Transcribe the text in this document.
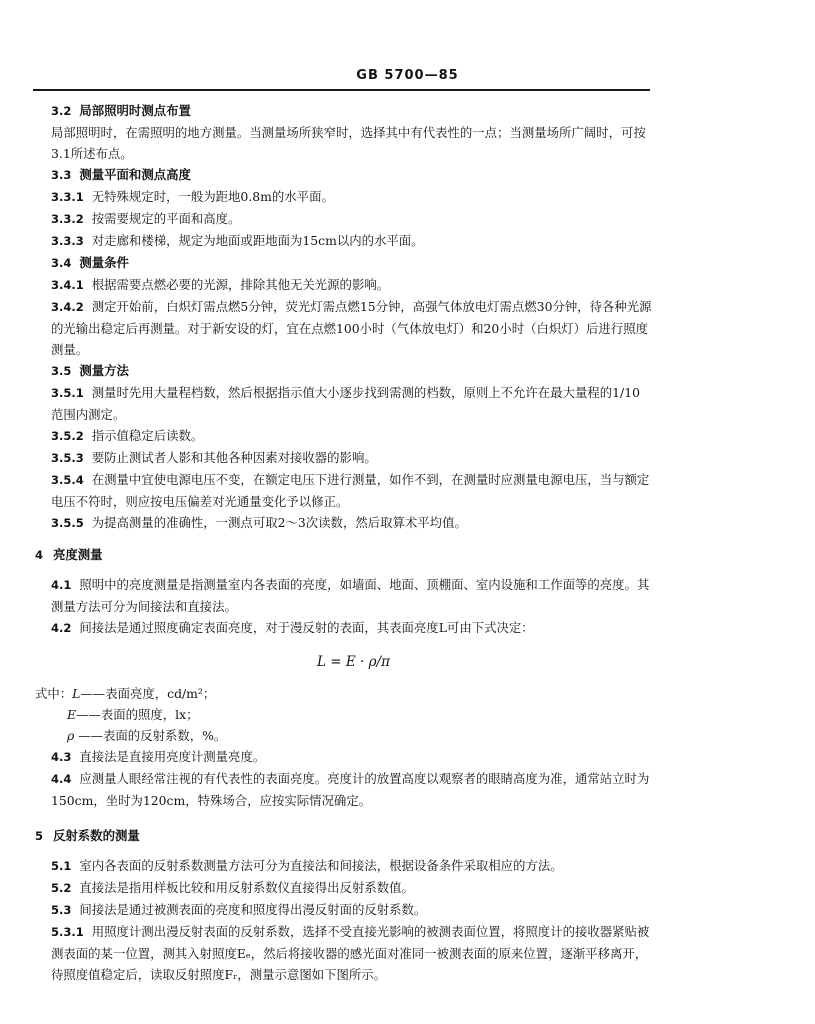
GB 5700—85

3.2 局部照明时测点布置

局部照明时，在需照明的地方测量。当测量场所狭窄时，选择其中有代表性的一点；当测量场所广阔时，可按3.1所述布点。

3.3 测量平面和测点高度

3.3.1 无特殊规定时，一般为距地0.8m的水平面。

3.3.2 按需要规定的平面和高度。

3.3.3 对走廊和楼梯，规定为地面或距地面为15cm以内的水平面。

3.4 测量条件

3.4.1 根据需要点燃必要的光源，排除其他无关光源的影响。

3.4.2 测定开始前，白炽灯需点燃5分钟，荧光灯需点燃15分钟，高强气体放电灯需点燃30分钟，待各种光源的光输出稳定后再测量。对于新安设的灯，宜在点燃100小时（气体放电灯）和20小时（白炽灯）后进行照度测量。

3.5 测量方法

3.5.1 测量时先用大量程档数，然后根据指示值大小逐步找到需测的档数，原则上不允许在最大量程的1/10范围内测定。

3.5.2 指示值稳定后读数。

3.5.3 要防止测试者人影和其他各种因素对接收器的影响。

3.5.4 在测量中宜使电源电压不变，在额定电压下进行测量，如作不到，在测量时应测量电源电压，当与额定电压不符时，则应按电压偏差对光通量变化予以修正。

3.5.5 为提高测量的准确性，一测点可取2～3次读数，然后取算术平均值。

4 亮度测量

4.1 照明中的亮度测量是指测量室内各表面的亮度，如墙面、地面、顶棚面、室内设施和工作面等的亮度。其测量方法可分为间接法和直接法。

4.2 间接法是通过照度确定表面亮度，对于漫反射的表面，其表面亮度L可由下式决定：

L = E · ρ/π
式中：L——表面亮度，cd/m²；
E——表面的照度，lx；
ρ ——表面的反射系数，%。

4.3 直接法是直接用亮度计测量亮度。

4.4 应测量人眼经常注视的有代表性的表面亮度。亮度计的放置高度以观察者的眼睛高度为准，通常站立时为150cm，坐时为120cm，特殊场合，应按实际情况确定。

5 反射系数的测量

5.1 室内各表面的反射系数测量方法可分为直接法和间接法，根据设备条件采取相应的方法。

5.2 直接法是指用样板比较和用反射系数仪直接得出反射系数值。

5.3 间接法是通过被测表面的亮度和照度得出漫反射面的反射系数。

5.3.1 用照度计测出漫反射表面的反射系数，选择不受直接光影响的被测表面位置，将照度计的接收器紧贴被测表面的某一位置，测其入射照度Eₑ，然后将接收器的感光面对准同一被测表面的原来位置，逐渐平移离开，待照度值稳定后，读取反射照度Fᵣ，测量示意图如下图所示。
